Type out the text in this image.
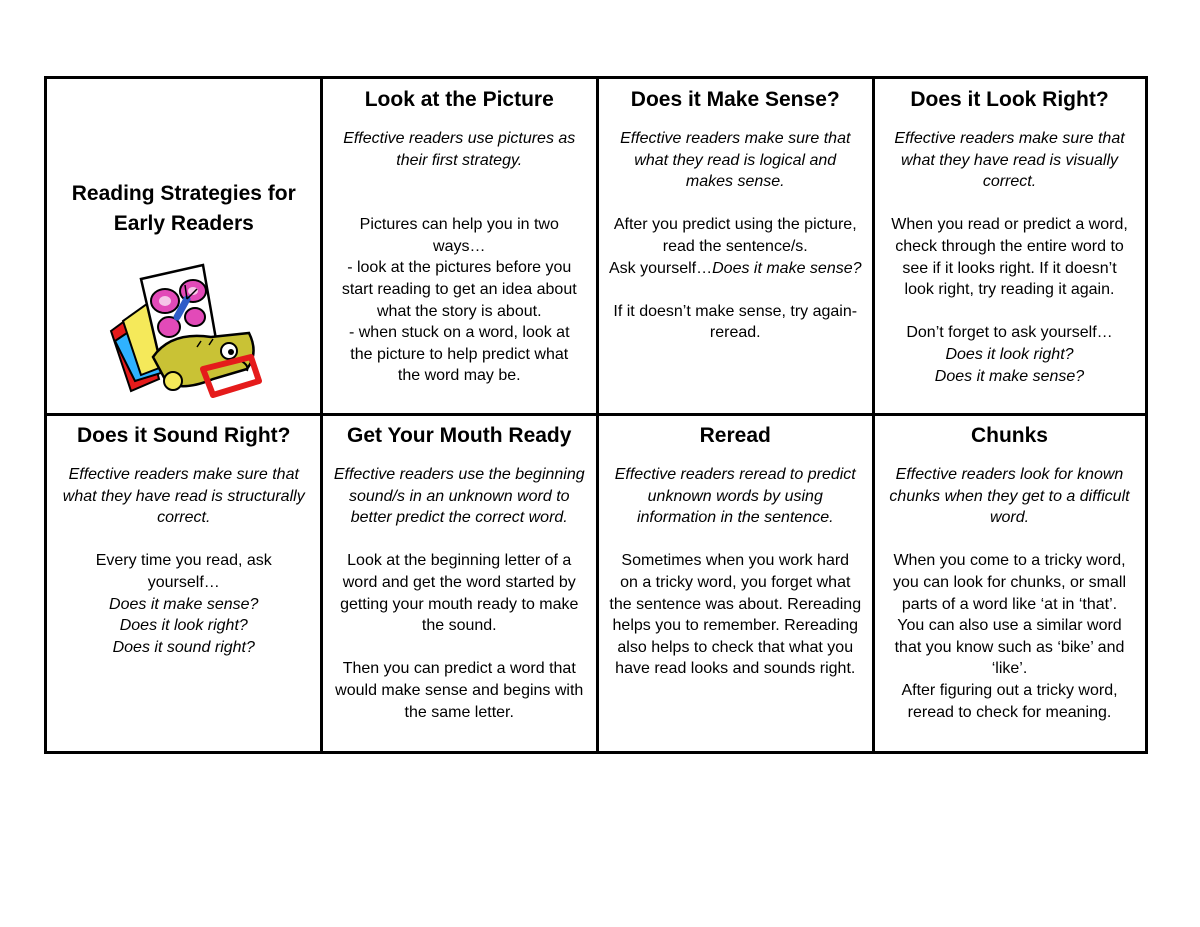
Reading Strategies for
Early Readers
Look at the Picture

Effective readers use pictures as
their first strategy.

Pictures can help you in two
ways…
- look at the pictures before you
start reading to get an idea about
what the story is about.
- when stuck on a word, look at
the picture to help predict what
the word may be.

Does it Make Sense?

Effective readers make sure that
what they read is logical and
makes sense.

After you predict using the picture,
read the sentence/s.
Ask yourself…Does it make sense?

If it doesn’t make sense, try again-
reread.

Does it Look Right?

Effective readers make sure that
what they have read is visually
correct.

When you read or predict a word,
check through the entire word to
see if it looks right. If it doesn’t
look right, try reading it again.

Don’t forget to ask yourself…
Does it look right?
Does it make sense?

Does it Sound Right?

Effective readers make sure that
what they have read is structurally
correct.

Every time you read, ask
yourself…
Does it make sense?
Does it look right?
Does it sound right?

Get Your Mouth Ready

Effective readers use the beginning
sound/s in an unknown word to
better predict the correct word.

Look at the beginning letter of a
word and get the word started by
getting your mouth ready to make
the sound.

Then you can predict a word that
would make sense and begins with
the same letter.

Reread

Effective readers reread to predict
unknown words by using
information in the sentence.

Sometimes when you work hard
on a tricky word, you forget what
the sentence was about. Rereading
helps you to remember. Rereading
also helps to check that what you
have read looks and sounds right.

Chunks

Effective readers look for known
chunks when they get to a difficult
word.

When you come to a tricky word,
you can look for chunks, or small
parts of a word like ‘at in ‘that’.
You can also use a similar word
that you know such as ‘bike’ and
‘like’.
After figuring out a tricky word,
reread to check for meaning.
